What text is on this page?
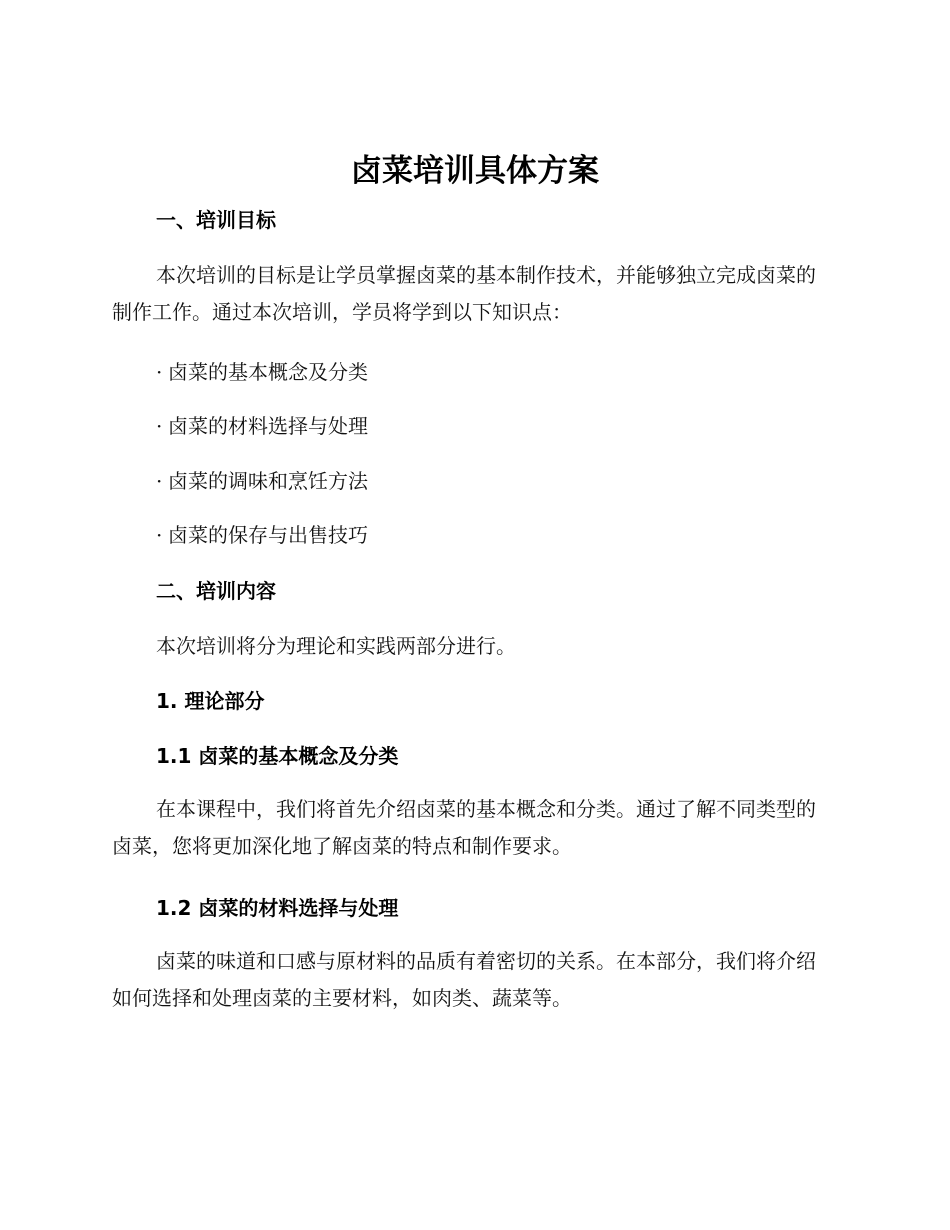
卤菜培训具体方案
一、培训目标
本次培训的目标是让学员掌握卤菜的基本制作技术，并能够独立完成卤菜的制作工作。通过本次培训，学员将学到以下知识点：
· 卤菜的基本概念及分类
· 卤菜的材料选择与处理
· 卤菜的调味和烹饪方法
· 卤菜的保存与出售技巧
二、培训内容
本次培训将分为理论和实践两部分进行。
1. 理论部分
1.1 卤菜的基本概念及分类
在本课程中，我们将首先介绍卤菜的基本概念和分类。通过了解不同类型的卤菜，您将更加深化地了解卤菜的特点和制作要求。
1.2 卤菜的材料选择与处理
卤菜的味道和口感与原材料的品质有着密切的关系。在本部分，我们将介绍如何选择和处理卤菜的主要材料，如肉类、蔬菜等。
